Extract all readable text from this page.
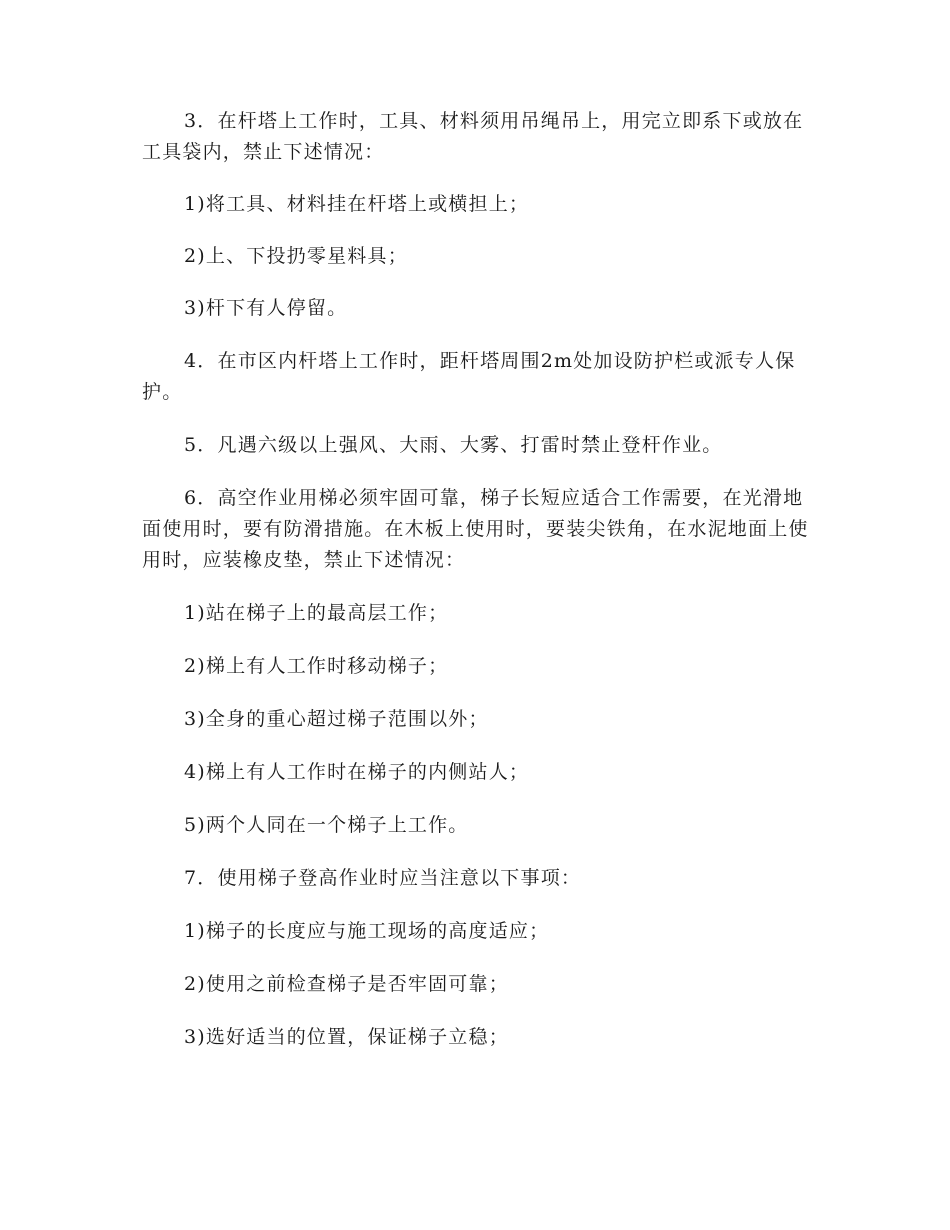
3．在杆塔上工作时，工具、材料须用吊绳吊上，用完立即系下或放在工具袋内，禁止下述情况：

1)将工具、材料挂在杆塔上或横担上；

2)上、下投扔零星料具；

3)杆下有人停留。

4．在市区内杆塔上工作时，距杆塔周围2m处加设防护栏或派专人保护。

5．凡遇六级以上强风、大雨、大雾、打雷时禁止登杆作业。

6．高空作业用梯必须牢固可靠，梯子长短应适合工作需要，在光滑地面使用时，要有防滑措施。在木板上使用时，要装尖铁角，在水泥地面上使用时，应装橡皮垫，禁止下述情况：

1)站在梯子上的最高层工作；

2)梯上有人工作时移动梯子；

3)全身的重心超过梯子范围以外；

4)梯上有人工作时在梯子的内侧站人；

5)两个人同在一个梯子上工作。

7．使用梯子登高作业时应当注意以下事项：

1)梯子的长度应与施工现场的高度适应；

2)使用之前检查梯子是否牢固可靠；

3)选好适当的位置，保证梯子立稳；
